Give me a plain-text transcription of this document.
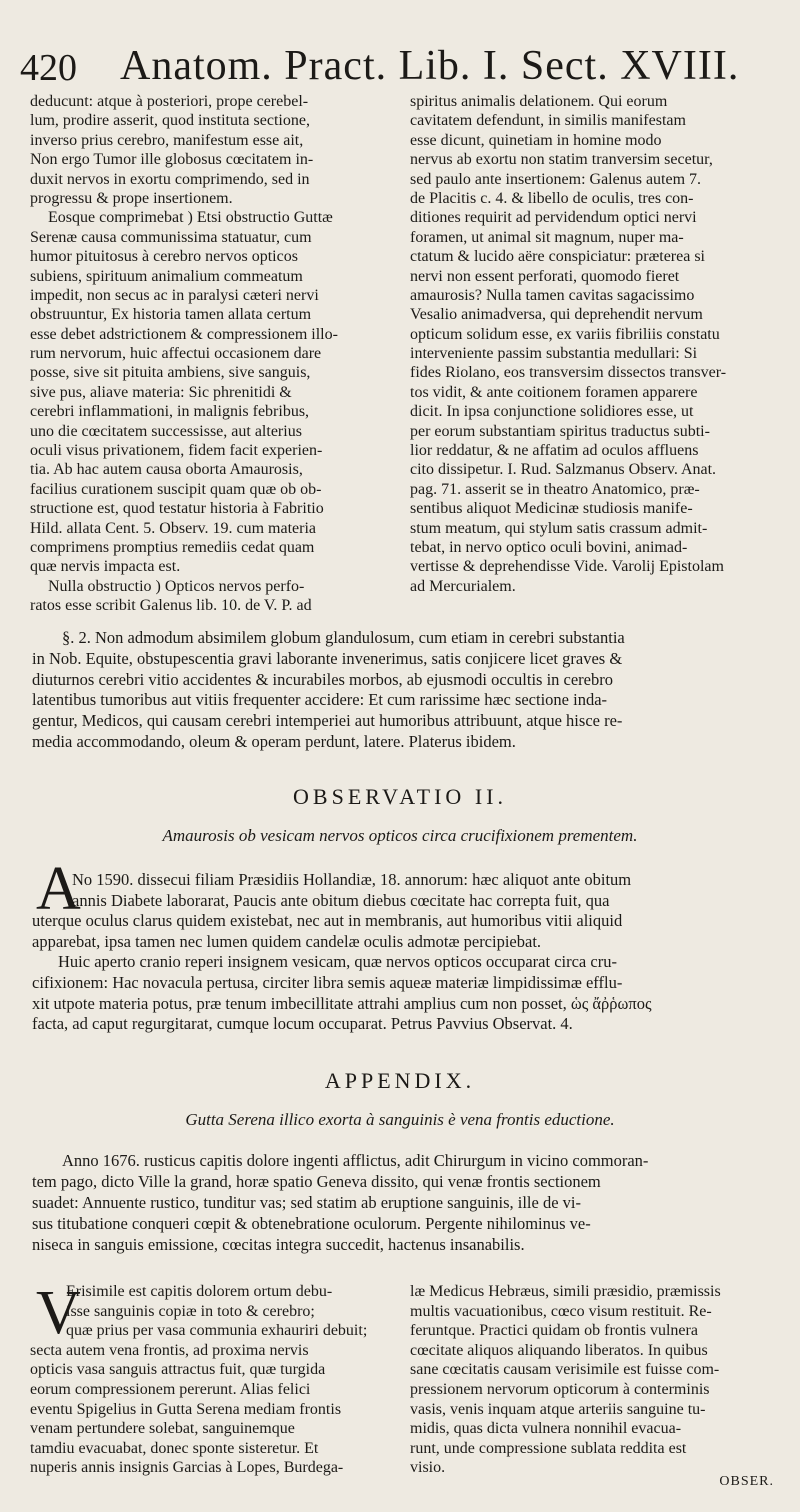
420 Anatom. Pract. Lib. I. Sect. XVIII.
deducunt: atque à posteriori, prope cerebel-
lum, prodire asserit, quod instituta sectione,
inverso prius cerebro, manifestum esse ait,
Non ergo Tumor ille globosus cœcitatem in-
duxit nervos in exortu comprimendo, sed in
progressu & prope insertionem.
Eosque comprimebat ) Etsi obstructio Guttæ
Serenæ causa communissima statuatur, cum
humor pituitosus à cerebro nervos opticos
subiens, spirituum animalium commeatum
impedit, non secus ac in paralysi cæteri nervi
obstruuntur, Ex historia tamen allata certum
esse debet adstrictionem & compressionem illo-
rum nervorum, huic affectui occasionem dare
posse, sive sit pituita ambiens, sive sanguis,
sive pus, aliave materia: Sic phrenitidi &
cerebri inflammationi, in malignis febribus,
uno die cœcitatem successisse, aut alterius
oculi visus privationem, fidem facit experien-
tia. Ab hac autem causa oborta Amaurosis,
facilius curationem suscipit quam quæ ob ob-
structione est, quod testatur historia à Fabritio
Hild. allata Cent. 5. Observ. 19. cum materia
comprimens promptius remediis cedat quam
quæ nervis impacta est.
Nulla obstructio ) Opticos nervos perfo-
ratos esse scribit Galenus lib. 10. de V. P. ad
spiritus animalis delationem. Qui eorum
cavitatem defendunt, in similis manifestam
esse dicunt, quinetiam in homine modo
nervus ab exortu non statim tranversim secetur,
sed paulo ante insertionem: Galenus autem 7.
de Placitis c. 4. & libello de oculis, tres con-
ditiones requirit ad pervidendum optici nervi
foramen, ut animal sit magnum, nuper ma-
ctatum & lucido aëre conspiciatur: præterea si
nervi non essent perforati, quomodo fieret
amaurosis? Nulla tamen cavitas sagacissimo
Vesalio animadversa, qui deprehendit nervum
opticum solidum esse, ex variis fibriliis constatu
interveniente passim substantia medullari: Si
fides Riolano, eos transversim dissectos transver-
tos vidit, & ante coitionem foramen apparere
dicit. In ipsa conjunctione solidiores esse, ut
per eorum substantiam spiritus traductus subti-
lior reddatur, & ne affatim ad oculos affluens
cito dissipetur. I. Rud. Salzmanus Observ. Anat.
pag. 71. asserit se in theatro Anatomico, præ-
sentibus aliquot Medicinæ studiosis manife-
stum meatum, qui stylum satis crassum admit-
tebat, in nervo optico oculi bovini, animad-
vertisse & deprehendisse Vide. Varolij Epistolam
ad Mercurialem.
§. 2. Non admodum absimilem globum glandulosum, cum etiam in cerebri substantia
in Nob. Equite, obstupescentia gravi laborante invenerimus, satis conjicere licet graves &
diuturnos cerebri vitio accidentes & incurabiles morbos, ab ejusmodi occultis in cerebro
latentibus tumoribus aut vitiis frequenter accidere: Et cum rarissime hæc sectione inda-
gentur, Medicos, qui causam cerebri intemperiei aut humoribus attribuunt, atque hisce re-
media accommodando, oleum & operam perdunt, latere. Platerus ibidem.
OBSERVATIO II.
Amaurosis ob vesicam nervos opticos circa crucifixionem prementem.
A
No 1590. dissecui filiam Præsidiis Hollandiæ, 18. annorum: hæc aliquot ante obitum
annis Diabete laborarat, Paucis ante obitum diebus cœcitate hac correpta fuit, qua
uterque oculus clarus quidem existebat, nec aut in membranis, aut humoribus vitii aliquid
apparebat, ipsa tamen nec lumen quidem candelæ oculis admotæ percipiebat.
Huic aperto cranio reperi insignem vesicam, quæ nervos opticos occuparat circa cru-
cifixionem: Hac novacula pertusa, circiter libra semis aqueæ materiæ limpidissimæ efflu-
xit utpote materia potus, præ tenum imbecillitate attrahi amplius cum non posset, ὡς ἄῤῥωπος
facta, ad caput regurgitarat, cumque locum occuparat. Petrus Pavvius Observat. 4.
APPENDIX.
Gutta Serena illico exorta à sanguinis è vena frontis eductione.
Anno 1676. rusticus capitis dolore ingenti afflictus, adit Chirurgum in vicino commoran-
tem pago, dicto Ville la grand, horæ spatio Geneva dissito, qui venæ frontis sectionem
suadet: Annuente rustico, tunditur vas; sed statim ab eruptione sanguinis, ille de vi-
sus titubatione conqueri cœpit & obtenebratione oculorum. Pergente nihilominus ve-
niseca in sanguis emissione, cœcitas integra succedit, hactenus insanabilis.
V
Erisimile est capitis dolorem ortum debu-
isse sanguinis copiæ in toto & cerebro;
quæ prius per vasa communia exhauriri debuit;
secta autem vena frontis, ad proxima nervis
opticis vasa sanguis attractus fuit, quæ turgida
eorum compressionem pererunt. Alias felici
eventu Spigelius in Gutta Serena mediam frontis
venam pertundere solebat, sanguinemque
tamdiu evacuabat, donec sponte sisteretur. Et
nuperis annis insignis Garcias à Lopes, Burdega-
læ Medicus Hebræus, simili præsidio, præmissis
multis vacuationibus, cœco visum restituit. Re-
feruntque. Practici quidam ob frontis vulnera
cœcitate aliquos aliquando liberatos. In quibus
sane cœcitatis causam verisimile est fuisse com-
pressionem nervorum opticorum à conterminis
vasis, venis inquam atque arteriis sanguine tu-
midis, quas dicta vulnera nonnihil evacua-
runt, unde compressione sublata reddita est
visio.
OBSER.
